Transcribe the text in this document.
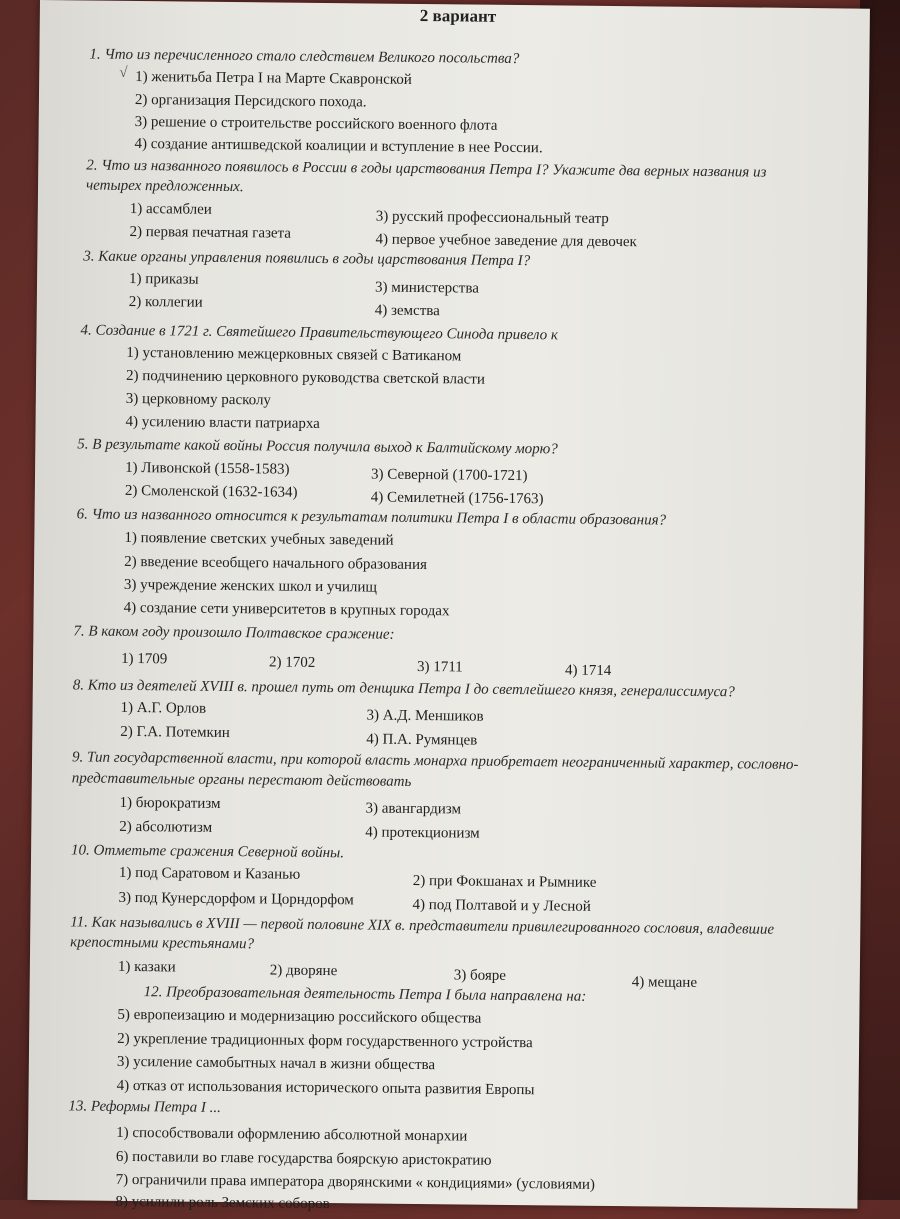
2 вариант
1. Что из перечисленного стало следствием Великого посольства?
√ 1) женитьба Петра I на Марте Скавронской
2) организация Персидского похода.
3) решение о строительстве российского военного флота
4) создание антишведской коалиции и вступление в нее России.
2. Что из названного появилось в России в годы царствования Петра I? Укажите два верных названия из
четырех предложенных.
1) ассамблеи
2) первая печатная газета
3) русский профессиональный театр
4) первое учебное заведение для девочек
3. Какие органы управления появились в годы царствования Петра I?
1) приказы
2) коллегии
3) министерства
4) земства
4. Создание в 1721 г. Святейшего Правительствующего Синода привело к
1) установлению межцерковных связей с Ватиканом
2) подчинению церковного руководства светской власти
3) церковному расколу
4) усилению власти патриарха
5. В результате какой войны Россия получила выход к Балтийскому морю?
1) Ливонской (1558-1583)
2) Смоленской (1632-1634)
3) Северной (1700-1721)
4) Семилетней (1756-1763)
6. Что из названного относится к результатам политики Петра I в области образования?
1) появление светских учебных заведений
2) введение всеобщего начального образования
3) учреждение женских школ и училищ
4) создание сети университетов в крупных городах
7. В каком году произошло Полтавское сражение:
1) 1709	2) 1702	3) 1711	4) 1714
8. Кто из деятелей XVIII в. прошел путь от денщика Петра I до светлейшего князя, генералиссимуса?
1) А.Г. Орлов
2) Г.А. Потемкин
3) А.Д. Меншиков
4) П.А. Румянцев
9. Тип государственной власти, при которой власть монарха приобретает неограниченный характер, сословно-
представительные органы перестают действовать
1) бюрократизм
2) абсолютизм
3) авангардизм
4) протекционизм
10. Отметьте сражения Северной войны.
1) под Саратовом и Казанью
3) под Кунерсдорфом и Цорндорфом
2) при Фокшанах и Рымнике
4) под Полтавой и у Лесной
11. Как назывались в XVIII — первой половине XIX в. представители привилегированного сословия, владевшие
крепостными крестьянами?
1) казаки	2) дворяне	3) бояре	4) мещане
12. Преобразовательная деятельность Петра I была направлена на:
5) европеизацию и модернизацию российского общества
2) укрепление традиционных форм государственного устройства
3) усиление самобытных начал в жизни общества
4) отказ от использования исторического опыта развития Европы
13. Реформы Петра I ...
1) способствовали оформлению абсолютной монархии
6) поставили во главе государства боярскую аристократию
7) ограничили права императора дворянскими « кондициями» (условиями)
8) усилили роль Земских соборов
